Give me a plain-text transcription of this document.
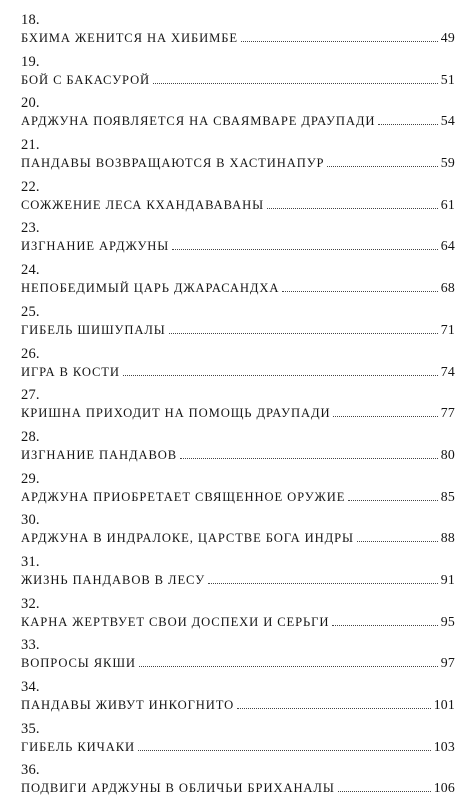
18.
БХИМА ЖЕНИТСЯ НА ХИБИМБЕ	49
19.
БОЙ С БАКАСУРОЙ	51
20.
АРДЖУНА ПОЯВЛЯЕТСЯ НА СВАЯМВАРЕ ДРАУПАДИ	54
21.
ПАНДАВЫ ВОЗВРАЩАЮТСЯ В ХАСТИНАПУР	59
22.
СОЖЖЕНИЕ ЛЕСА КХАНДАВАВАНЫ	61
23.
ИЗГНАНИЕ АРДЖУНЫ	64
24.
НЕПОБЕДИМЫЙ ЦАРЬ ДЖАРАСАНДХА	68
25.
ГИБЕЛЬ ШИШУПАЛЫ	71
26.
ИГРА В КОСТИ	74
27.
КРИШНА ПРИХОДИТ НА ПОМОЩЬ ДРАУПАДИ	77
28.
ИЗГНАНИЕ ПАНДАВОВ	80
29.
АРДЖУНА ПРИОБРЕТАЕТ СВЯЩЕННОЕ ОРУЖИЕ	85
30.
АРДЖУНА В ИНДРАЛОКЕ, ЦАРСТВЕ БОГА ИНДРЫ	88
31.
ЖИЗНЬ ПАНДАВОВ В ЛЕСУ	91
32.
КАРНА ЖЕРТВУЕТ СВОИ ДОСПЕХИ И СЕРЬГИ	95
33.
ВОПРОСЫ ЯКШИ	97
34.
ПАНДАВЫ ЖИВУТ ИНКОГНИТО	101
35.
ГИБЕЛЬ КИЧАКИ	103
36.
ПОДВИГИ АРДЖУНЫ В ОБЛИЧЬИ БРИХАНАЛЫ	106
